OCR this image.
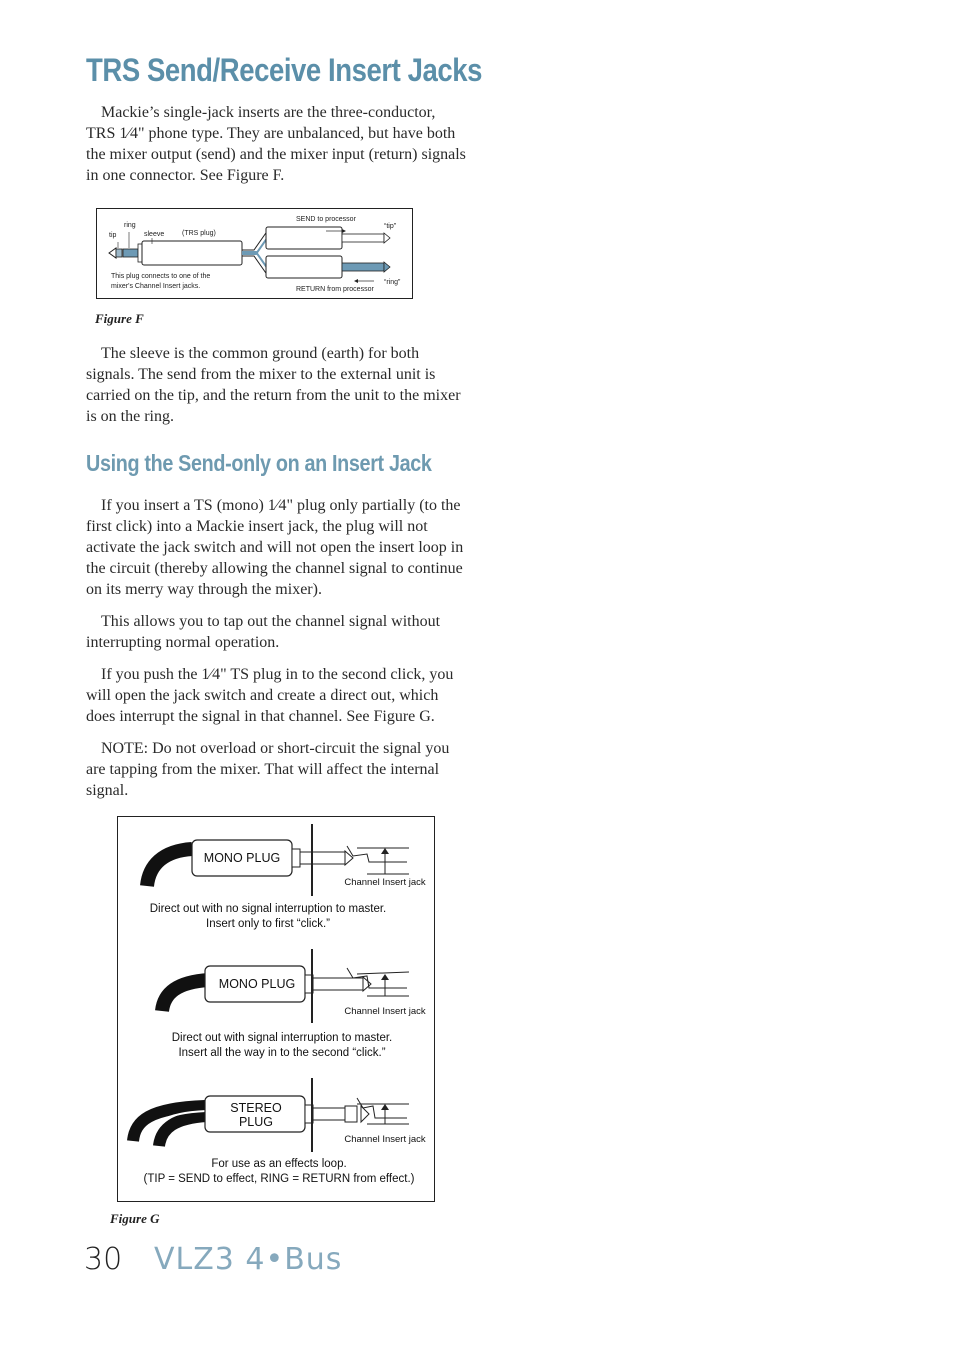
TRS Send/Receive Insert Jacks

Mackie’s single-jack inserts are the three-conductor, TRS 1⁄4" phone type. They are unbalanced, but have both the mixer output (send) and the mixer input (return) signals in one connector. See Figure F.

tip
ring
sleeve	(TRS plug)
SEND to processor
“tip”
“ring”
RETURN from processor
This plug connects to one of the
mixer's Channel Insert jacks.
Figure F

The sleeve is the common ground (earth) for both signals. The send from the mixer to the external unit is carried on the tip, and the return from the unit to the mixer is on the ring.

Using the Send-only on an Insert Jack

If you insert a TS (mono) 1⁄4" plug only partially (to the first click) into a Mackie insert jack, the plug will not activate the jack switch and will not open the insert loop in the circuit (thereby allowing the channel signal to continue on its merry way through the mixer).

This allows you to tap out the channel signal without interrupting normal operation.

If you push the 1⁄4" TS plug in to the second click, you will open the jack switch and create a direct out, which does interrupt the signal in that channel. See Figure G.

NOTE: Do not overload or short-circuit the signal you are tapping from the mixer. That will affect the internal signal.

MONO PLUG
Channel Insert jack
Direct out with no signal interruption to master.
Insert only to first “click.”
MONO PLUG
Channel Insert jack
Direct out with signal interruption to master.
Insert all the way in to the second “click.”
STEREO
PLUG
Channel Insert jack
For use as an effects loop.
(TIP = SEND to effect, RING = RETURN from effect.)
Figure G
30 VLZ3 4•Bus
